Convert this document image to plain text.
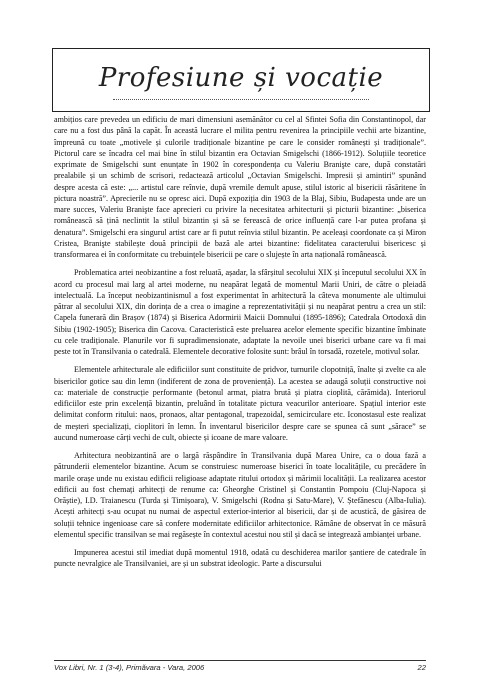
Profesiune și vocație

ambițios care prevedea un edificiu de mari dimensiuni asemănător cu cel al Sfintei Sofia din Constantinopol, dar care nu a fost dus până la capăt. În această lucrare el milita pentru revenirea la principiile vechii arte bizantine, împreună cu toate „motivele și culorile tradiționale bizantine pe care le consider românești și tradiționale”. Pictorul care se încadra cel mai bine în stilul bizantin era Octavian Smigelschi (1866-1912). Soluțiile teoretice exprimate de Smigelschi sunt enunțate în 1902 în corespondența cu Valeriu Branişte care, după constatări prealabile și un schimb de scrisori, redactează articolul „Octavian Smigelschi. Impresii și amintiri” spunând despre acesta că este: „... artistul care reînvie, după vremile demult apuse, stilul istoric al bisericii răsăritene în pictura noastră”. Aprecierile nu se opresc aici. După expoziția din 1903 de la Blaj, Sibiu, Budapesta unde are un mare succes, Valeriu Branişte face aprecieri cu privire la necesitatea arhitecturii și picturii bizantine: „biserica românească să țină neclintit la stilul bizantin și să se ferească de orice influență care l-ar putea profana și denatura”. Smigelschi era singurul artist care ar fi putut reînvia stilul bizantin. Pe aceleași coordonate ca și Miron Cristea, Branişte stabilește două principii de bază ale artei bizantine: fidelitatea caracterului bisericesc și transformarea ei în conformitate cu trebuințele bisericii pe care o slujește în arta națională românească.

Problematica artei neobizantine a fost reluată, așadar, la sfârșitul secolului XIX și începutul secolului XX în acord cu procesul mai larg al artei moderne, nu neapărat legată de momentul Marii Uniri, de către o pleiadă intelectuală. La început neobizantinismul a fost experimentat în arhitectură la câteva monumente ale ultimului pătrar al secolului XIX, din dorința de a crea o imagine a reprezentativității și nu neapărat pentru a crea un stil: Capela funerară din Brașov (1874) și Biserica Adormirii Maicii Domnului (1895-1896); Catedrala Ortodoxă din Sibiu (1902-1905); Biserica din Cacova. Caracteristică este preluarea acelor elemente specific bizantine îmbinate cu cele tradiționale. Planurile vor fi supradimensionate, adaptate la nevoile unei biserici urbane care va fi mai peste tot în Transilvania o catedrală. Elementele decorative folosite sunt: brâul în torsadă, rozetele, motivul solar.

Elementele arhitecturale ale edificiilor sunt constituite de pridvor, turnurile clopotniță, înalte și zvelte ca ale bisericilor gotice sau din lemn (indiferent de zona de proveniență). La acestea se adaugă soluții constructive noi ca: materiale de construcție performante (betonul armat, piatra brută și piatra cioplită, cărămida). Interiorul edificiilor este prin excelență bizantin, preluând în totalitate pictura veacurilor anterioare. Spațiul interior este delimitat conform ritului: naos, pronaos, altar pentagonal, trapezoidal, semicirculare etc. Iconostasul este realizat de meșteri specializați, cioplitori în lemn. În inventarul bisericilor despre care se spunea că sunt „sărace” se aucund numeroase cărți vechi de cult, obiecte și icoane de mare valoare.

Arhitectura neobizantină are o largă răspândire în Transilvania după Marea Unire, ca o doua fază a pătrunderii elementelor bizantine. Acum se construiesc numeroase biserici în toate localitățile, cu precădere în marile orașe unde nu existau edificii religioase adaptate ritului ortodox și mărimii localității. La realizarea acestor edificii au fost chemați arhitecți de renume ca: Gheorghe Cristinel și Constantin Pompoiu (Cluj-Napoca și Orăștie), I.D. Traianescu (Turda și Timișoara), V. Smigelschi (Rodna și Satu-Mare), V. Ștefănescu (Alba-Iulia). Acești arhitecți s-au ocupat nu numai de aspectul exterior-interior al bisericii, dar și de acustică, de găsirea de soluții tehnice ingenioase care să confere modernitate edificiilor arhitectonice. Rămâne de observat în ce măsură elementul specific transilvan se mai regăsește în contextul acestui nou stil și dacă se integrează ambianței urbane.

Impunerea acestui stil imediat după momentul 1918, odată cu deschiderea marilor șantiere de catedrale în puncte nevralgice ale Transilvaniei, are și un substrat ideologic. Parte a discursului

Vox Libri, Nr. 1 (3-4), Primăvara - Vara, 2006	22
